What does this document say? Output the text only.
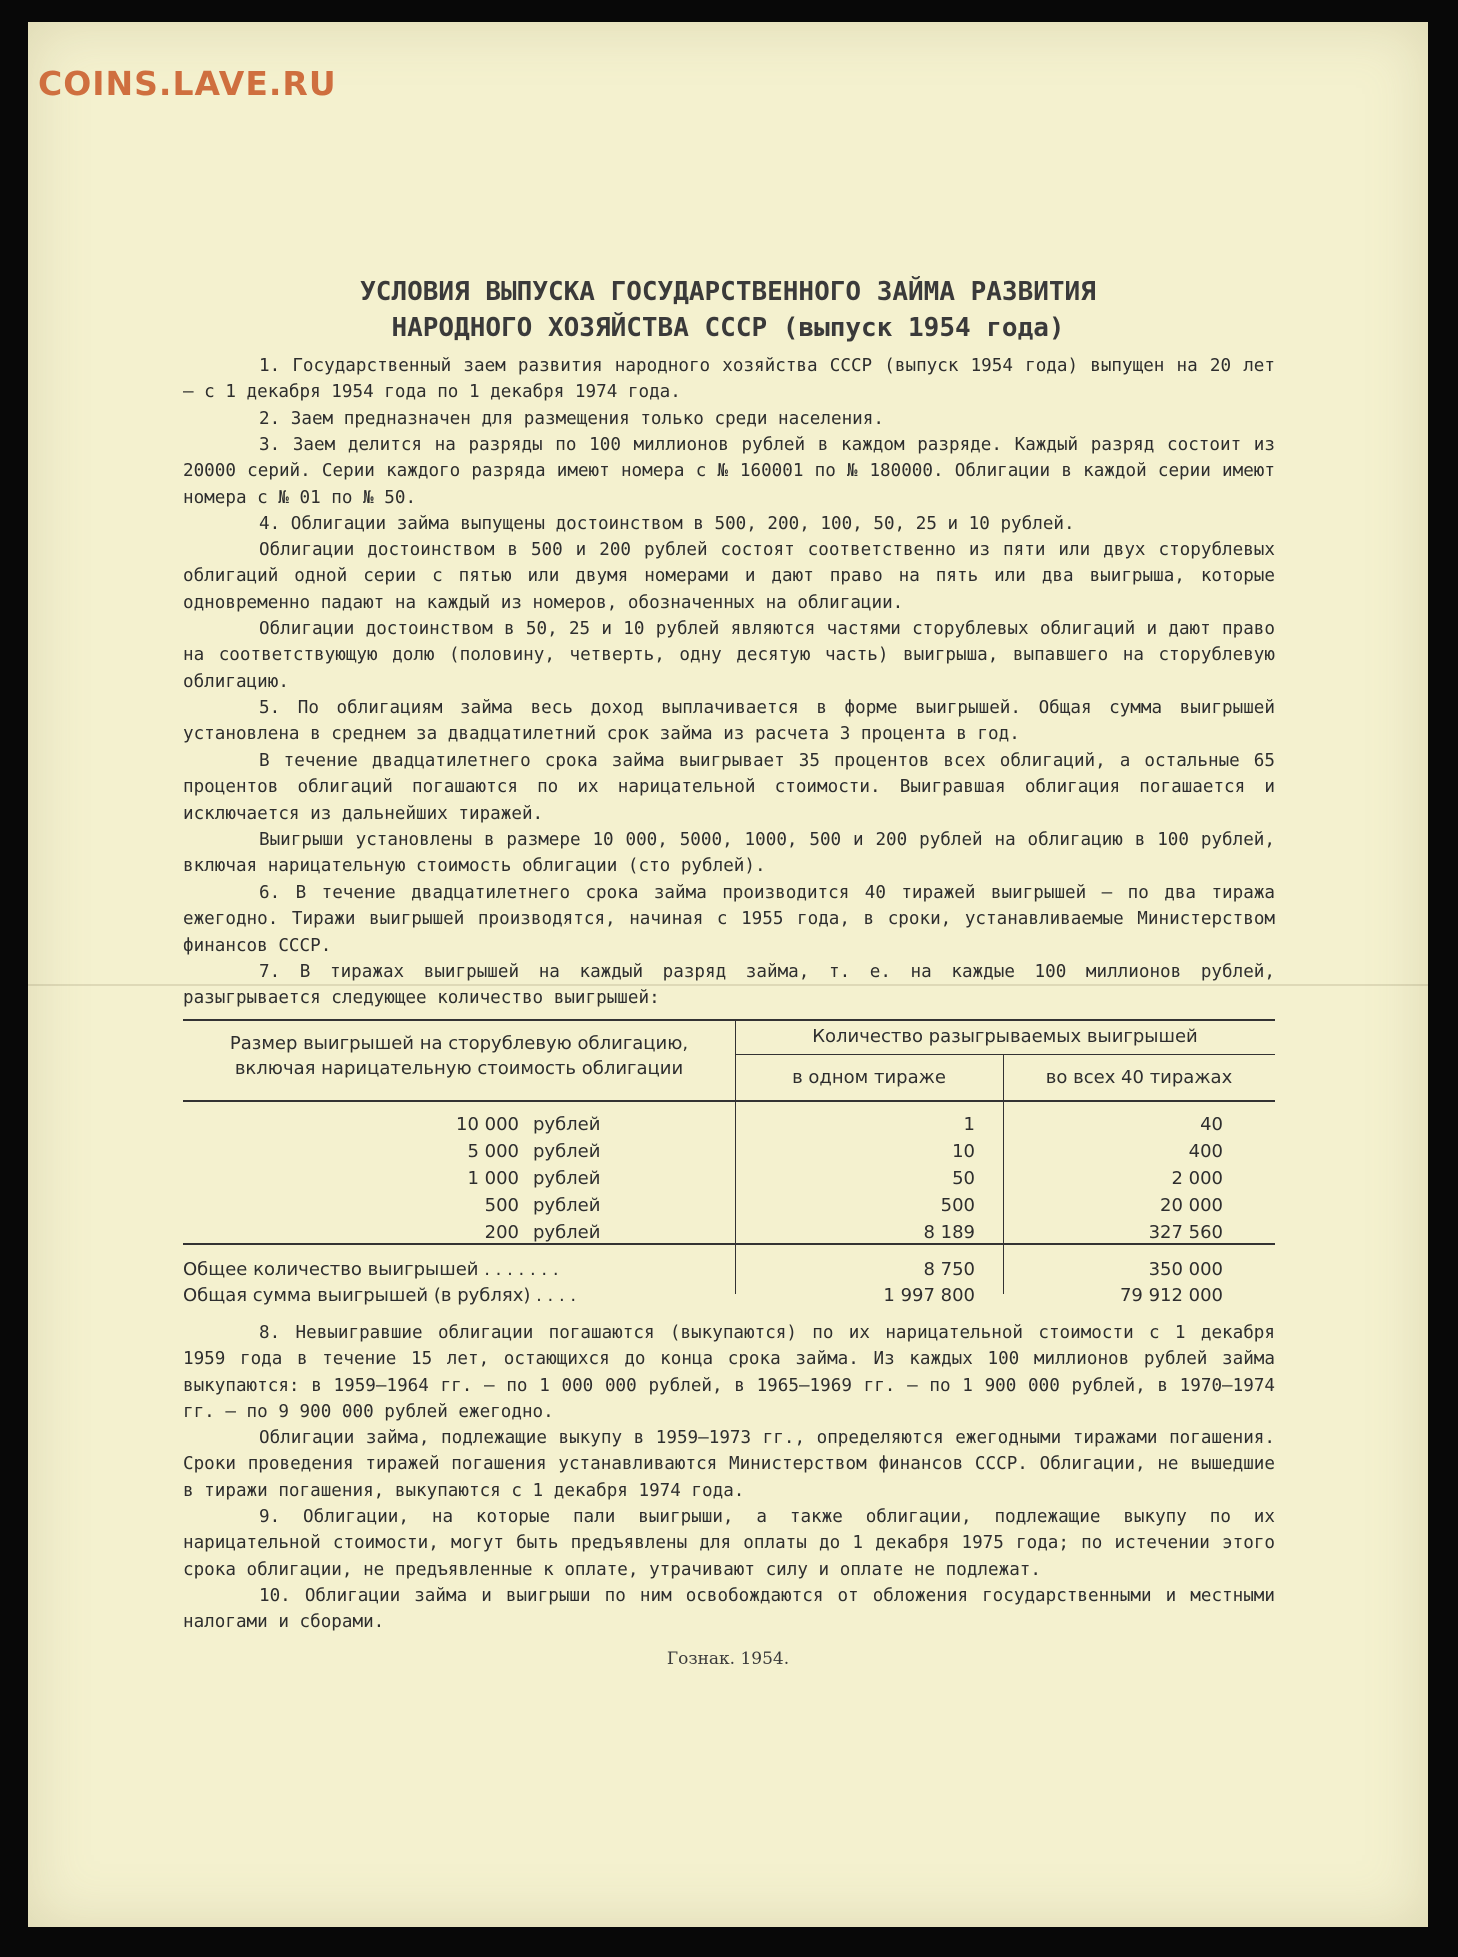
COINS.LAVE.RU
УСЛОВИЯ ВЫПУСКА ГОСУДАРСТВЕННОГО ЗАЙМА РАЗВИТИЯ
НАРОДНОГО ХОЗЯЙСТВА СССР (выпуск 1954 года)
1. Государственный заем развития народного хозяйства СССР (выпуск 1954 года) выпущен на 20 лет — с 1 декабря 1954 года по 1 декабря 1974 года.
2. Заем предназначен для размещения только среди населения.
3. Заем делится на разряды по 100 миллионов рублей в каждом разряде. Каждый разряд состоит из 20000 серий. Серии каждого разряда имеют номера с № 160001 по № 180000. Облигации в каждой серии имеют номера с № 01 по № 50.
4. Облигации займа выпущены достоинством в 500, 200, 100, 50, 25 и 10 рублей.
Облигации достоинством в 500 и 200 рублей состоят соответственно из пяти или двух сторублевых облигаций одной серии с пятью или двумя номерами и дают право на пять или два выигрыша, которые одновременно падают на каждый из номеров, обозначенных на облигации.
Облигации достоинством в 50, 25 и 10 рублей являются частями сторублевых облигаций и дают право на соответствующую долю (половину, четверть, одну десятую часть) выигрыша, выпавшего на сторублевую облигацию.
5. По облигациям займа весь доход выплачивается в форме выигрышей. Общая сумма выигрышей установлена в среднем за двадцатилетний срок займа из расчета 3 процента в год.
В течение двадцатилетнего срока займа выигрывает 35 процентов всех облигаций, а остальные 65 процентов облигаций погашаются по их нарицательной стоимости. Выигравшая облигация погашается и исключается из дальнейших тиражей.
Выигрыши установлены в размере 10 000, 5000, 1000, 500 и 200 рублей на облигацию в 100 рублей, включая нарицательную стоимость облигации (сто рублей).
6. В течение двадцатилетнего срока займа производится 40 тиражей выигрышей — по два тиража ежегодно. Тиражи выигрышей производятся, начиная с 1955 года, в сроки, устанавливаемые Министерством финансов СССР.
7. В тиражах выигрышей на каждый разряд займа, т. е. на каждые 100 миллионов рублей, разыгрывается следующее количество выигрышей:
Размер выигрышей на сторублевую облигацию,
включая нарицательную стоимость облигации
Количество разыгрываемых выигрышей
в одном тираже	во всех 40 тиражах
10 000 рублей	1	40
5 000 рублей	10	400
1 000 рублей	50	2 000
500 рублей	500	20 000
200 рублей	8 189	327 560
Общее количество выигрышей . . . . . . .	8 750	350 000
Общая сумма выигрышей (в рублях) . . . .	1 997 800	79 912 000
8. Невыигравшие облигации погашаются (выкупаются) по их нарицательной стоимости с 1 декабря 1959 года в течение 15 лет, остающихся до конца срока займа. Из каждых 100 миллионов рублей займа выкупаются: в 1959—1964 гг. — по 1 000 000 рублей, в 1965—1969 гг. — по 1 900 000 рублей, в 1970—1974 гг. — по 9 900 000 рублей ежегодно.
Облигации займа, подлежащие выкупу в 1959—1973 гг., определяются ежегодными тиражами погашения. Сроки проведения тиражей погашения устанавливаются Министерством финансов СССР. Облигации, не вышедшие в тиражи погашения, выкупаются с 1 декабря 1974 года.
9. Облигации, на которые пали выигрыши, а также облигации, подлежащие выкупу по их нарицательной стоимости, могут быть предъявлены для оплаты до 1 декабря 1975 года; по истечении этого срока облигации, не предъявленные к оплате, утрачивают силу и оплате не подлежат.
10. Облигации займа и выигрыши по ним освобождаются от обложения государственными и местными налогами и сборами.
Гознак. 1954.
